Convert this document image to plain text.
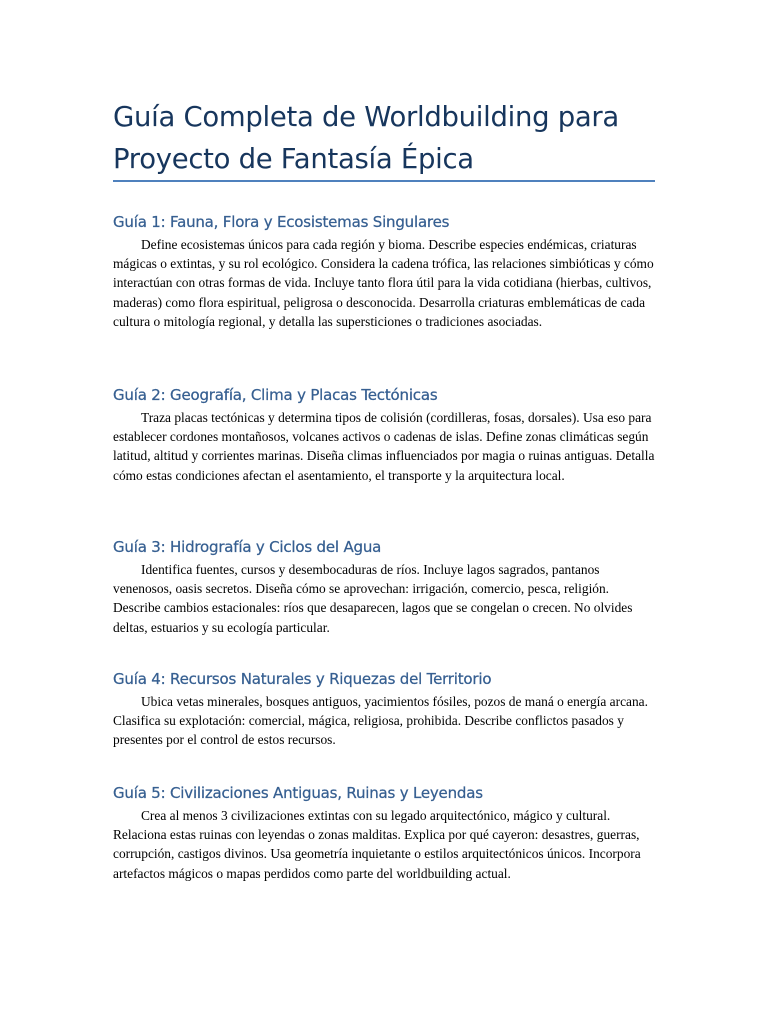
Guía Completa de Worldbuilding para Proyecto de Fantasía Épica
Guía 1: Fauna, Flora y Ecosistemas Singulares

Define ecosistemas únicos para cada región y bioma. Describe especies endémicas, criaturas mágicas o extintas, y su rol ecológico. Considera la cadena trófica, las relaciones simbióticas y cómo interactúan con otras formas de vida. Incluye tanto flora útil para la vida cotidiana (hierbas, cultivos, maderas) como flora espiritual, peligrosa o desconocida. Desarrolla criaturas emblemáticas de cada cultura o mitología regional, y detalla las supersticiones o tradiciones asociadas.

Guía 2: Geografía, Clima y Placas Tectónicas

Traza placas tectónicas y determina tipos de colisión (cordilleras, fosas, dorsales). Usa eso para establecer cordones montañosos, volcanes activos o cadenas de islas. Define zonas climáticas según latitud, altitud y corrientes marinas. Diseña climas influenciados por magia o ruinas antiguas. Detalla cómo estas condiciones afectan el asentamiento, el transporte y la arquitectura local.

Guía 3: Hidrografía y Ciclos del Agua

Identifica fuentes, cursos y desembocaduras de ríos. Incluye lagos sagrados, pantanos venenosos, oasis secretos. Diseña cómo se aprovechan: irrigación, comercio, pesca, religión. Describe cambios estacionales: ríos que desaparecen, lagos que se congelan o crecen. No olvides deltas, estuarios y su ecología particular.

Guía 4: Recursos Naturales y Riquezas del Territorio

Ubica vetas minerales, bosques antiguos, yacimientos fósiles, pozos de maná o energía arcana. Clasifica su explotación: comercial, mágica, religiosa, prohibida. Describe conflictos pasados y presentes por el control de estos recursos.

Guía 5: Civilizaciones Antiguas, Ruinas y Leyendas

Crea al menos 3 civilizaciones extintas con su legado arquitectónico, mágico y cultural. Relaciona estas ruinas con leyendas o zonas malditas. Explica por qué cayeron: desastres, guerras, corrupción, castigos divinos. Usa geometría inquietante o estilos arquitectónicos únicos. Incorpora artefactos mágicos o mapas perdidos como parte del worldbuilding actual.
